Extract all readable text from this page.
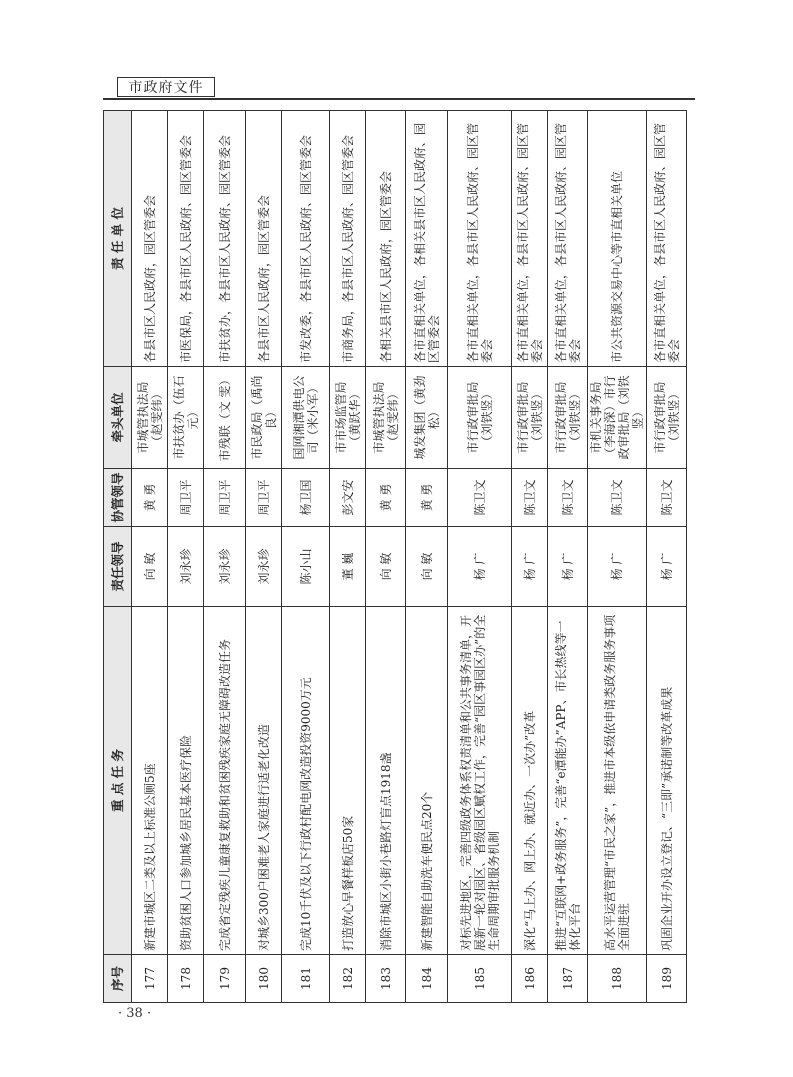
市政府文件
序号	重 点 任 务	责任领导	协管领导	牵头单位	责 任 单 位
177	新建市城区二类及以上标准公厕5座	向 敏	黄 勇	市城管执法局（赵雯纬）	各县市区人民政府，园区管委会
178	资助贫困人口参加城乡居民基本医疗保险	刘永珍	周卫平	市扶贫办（伍石元）	市医保局，各县市区人民政府、园区管委会
179	完成省定残疾儿童康复救助和贫困残疾家庭无障碍改造任务	刘永珍	周卫平	市残联（文 雯）	市扶贫办，各县市区人民政府、园区管委会
180	对城乡300户困难老人家庭进行适老化改造	刘永珍	周卫平	市民政局（禹尚良）	各县市区人民政府，园区管委会
181	完成10千伏及以下行政村配电网改造投资9000万元	陈小山	杨卫国	国网湘潭供电公司（米小军）	市发改委，各县市区人民政府、园区管委会
182	打造放心早餐样板店50家	董 巍	彭文安	市市场监管局（黄跃华）	市商务局，各县市区人民政府、园区管委会
183	消除市城区小街小巷路灯盲点1918盏	向 敏	黄 勇	市城管执法局（赵雯纬）	各相关县市区人民政府，园区管委会
184	新建智能自助洗车便民点20个	向 敏	黄 勇	城发集团（黄劲松）	各市直相关单位，各相关县市区人民政府、园区管委会
185	对标先进地区，完善四级政务体系权责清单和公共事务清单，开展新一轮对园区、省级园区赋权工作，完善“园区事园区办”的全生命周期审批服务机制	杨 广	陈卫文	市行政审批局（刘铁竖）	各市直相关单位，各县市区人民政府、园区管委会
186	深化“马上办、网上办、就近办、一次办”改革	杨 广	陈卫文	市行政审批局（刘铁竖）	各市直相关单位，各县市区人民政府、园区管委会
187	推进“互联网+政务服务”，完善“e潭能办”APP、市长热线等一体化平台	杨 广	陈卫文	市行政审批局（刘铁竖）	各市直相关单位，各县市区人民政府、园区管委会
188	高水平运营管理“市民之家”，推进市本级依申请类政务服务事项全面进驻	杨 广	陈卫文	市机关事务局（李海深）市行政审批局（刘铁竖）	市公共资源交易中心等市直相关单位
189	巩固企业开办设立登记、“三即”承诺制等改革成果	杨 广	陈卫文	市行政审批局（刘铁竖）	各市直相关单位，各县市区人民政府、园区管委会
· 38 ·
